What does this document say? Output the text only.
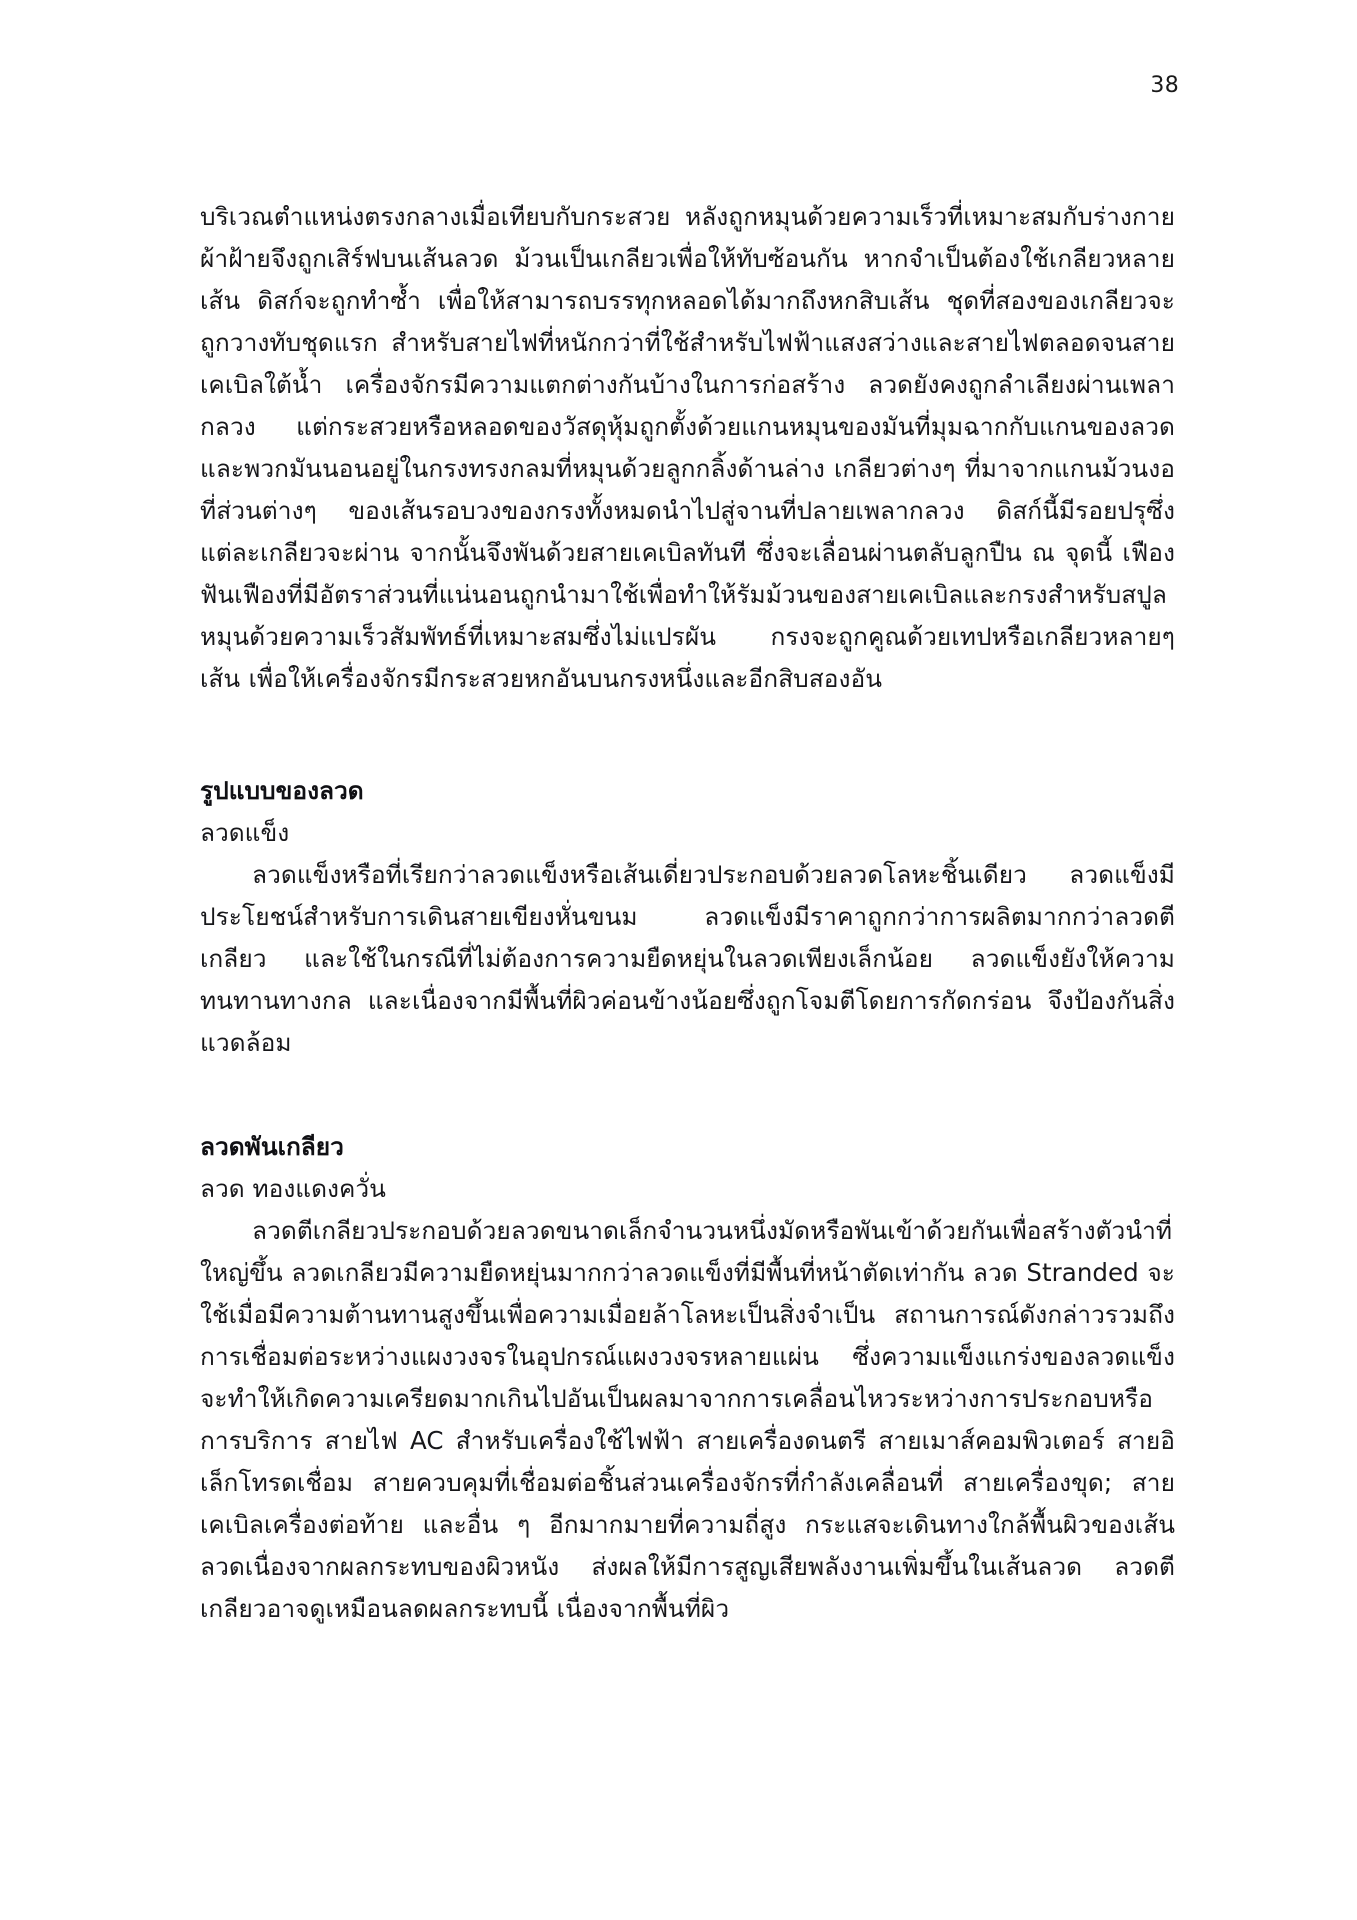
38

บริเวณตำแหน่งตรงกลางเมื่อเทียบกับกระสวย หลังถูกหมุนด้วยความเร็วที่เหมาะสมกับร่างกาย ผ้าฝ้ายจึงถูกเสิร์ฟบนเส้นลวด ม้วนเป็นเกลียวเพื่อให้ทับซ้อนกัน หากจำเป็นต้องใช้เกลียวหลายเส้น ดิสก์จะถูกทำซ้ำ เพื่อให้สามารถบรรทุกหลอดได้มากถึงหกสิบเส้น ชุดที่สองของเกลียวจะถูกวางทับชุดแรก สำหรับสายไฟที่หนักกว่าที่ใช้สำหรับไฟฟ้าแสงสว่างและสายไฟตลอดจนสายเคเบิลใต้น้ำ เครื่องจักรมีความแตกต่างกันบ้างในการก่อสร้าง ลวดยังคงถูกลำเลียงผ่านเพลากลวง แต่กระสวยหรือหลอดของวัสดุหุ้มถูกตั้งด้วยแกนหมุนของมันที่มุมฉากกับแกนของลวด และพวกมันนอนอยู่ในกรงทรงกลมที่หมุนด้วยลูกกลิ้งด้านล่าง เกลียวต่างๆ ที่มาจากแกนม้วนงอที่ส่วนต่างๆ ของเส้นรอบวงของกรงทั้งหมดนำไปสู่จานที่ปลายเพลากลวง ดิสก์นี้มีรอยปรุซึ่งแต่ละเกลียวจะผ่าน จากนั้นจึงพันด้วยสายเคเบิลทันที ซึ่งจะเลื่อนผ่านตลับลูกปืน ณ จุดนี้ เฟืองฟันเฟืองที่มีอัตราส่วนที่แน่นอนถูกนำมาใช้เพื่อทำให้รัมม้วนของสายเคเบิลและกรงสำหรับสปูลหมุนด้วยความเร็วสัมพัทธ์ที่เหมาะสมซึ่งไม่แปรผัน กรงจะถูกคูณด้วยเทปหรือเกลียวหลายๆ เส้น เพื่อให้เครื่องจักรมีกระสวยหกอันบนกรงหนึ่งและอีกสิบสองอัน

รูปแบบของลวด

ลวดแข็ง

ลวดแข็งหรือที่เรียกว่าลวดแข็งหรือเส้นเดี่ยวประกอบด้วยลวดโลหะชิ้นเดียว ลวดแข็งมีประโยชน์สำหรับการเดินสายเขียงหั่นขนม ลวดแข็งมีราคาถูกกว่าการผลิตมากกว่าลวดตีเกลียว และใช้ในกรณีที่ไม่ต้องการความยืดหยุ่นในลวดเพียงเล็กน้อย ลวดแข็งยังให้ความทนทานทางกล และเนื่องจากมีพื้นที่ผิวค่อนข้างน้อยซึ่งถูกโจมตีโดยการกัดกร่อน จึงป้องกันสิ่งแวดล้อม

ลวดพันเกลียว

ลวด ทองแดงควั่น

ลวดตีเกลียวประกอบด้วยลวดขนาดเล็กจำนวนหนึ่งมัดหรือพันเข้าด้วยกันเพื่อสร้างตัวนำที่ใหญ่ขึ้น ลวดเกลียวมีความยืดหยุ่นมากกว่าลวดแข็งที่มีพื้นที่หน้าตัดเท่ากัน ลวด Stranded จะใช้เมื่อมีความต้านทานสูงขึ้นเพื่อความเมื่อยล้าโลหะเป็นสิ่งจำเป็น สถานการณ์ดังกล่าวรวมถึงการเชื่อมต่อระหว่างแผงวงจรในอุปกรณ์แผงวงจรหลายแผ่น ซึ่งความแข็งแกร่งของลวดแข็งจะทำให้เกิดความเครียดมากเกินไปอันเป็นผลมาจากการเคลื่อนไหวระหว่างการประกอบหรือการบริการ สายไฟ AC สำหรับเครื่องใช้ไฟฟ้า สายเครื่องดนตรี สายเมาส์คอมพิวเตอร์ สายอิเล็กโทรดเชื่อม สายควบคุมที่เชื่อมต่อชิ้นส่วนเครื่องจักรที่กำลังเคลื่อนที่ สายเครื่องขุด; สายเคเบิลเครื่องต่อท้าย และอื่น ๆ อีกมากมายที่ความถี่สูง กระแสจะเดินทางใกล้พื้นผิวของเส้นลวดเนื่องจากผลกระทบของผิวหนัง ส่งผลให้มีการสูญเสียพลังงานเพิ่มขึ้นในเส้นลวด ลวดตีเกลียวอาจดูเหมือนลดผลกระทบนี้ เนื่องจากพื้นที่ผิว
